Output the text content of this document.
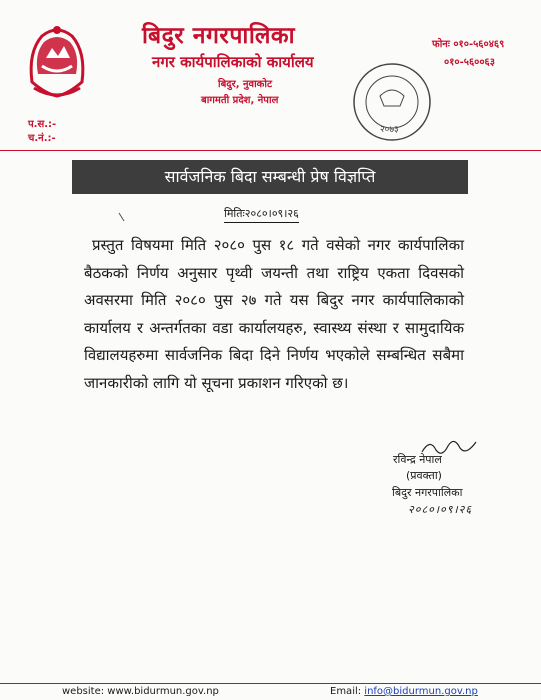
बिदुर नगरपालिका
नगर कार्यपालिकाको कार्यालय
बिदुर, नुवाकोट
बागमती प्रदेश, नेपाल
फोनः ०१०-५६०४६९
०१०-५६००६३
२०७३
प.स.:-
च.नं.:-
सार्वजनिक बिदा सम्बन्धी प्रेष विज्ञप्ति
मितिः२०८०।०९।२६
प्रस्तुत विषयमा मिति २०८० पुस १८ गते वसेको नगर कार्यपालिका बैठकको निर्णय अनुसार पृथ्वी जयन्ती तथा राष्ट्रिय एकता दिवसको अवसरमा मिति २०८० पुस २७ गते यस बिदुर नगर कार्यपालिकाको कार्यालय र अन्तर्गतका वडा कार्यालयहरु, स्वास्थ्य संस्था र सामुदायिक विद्यालयहरुमा सार्वजनिक बिदा दिने निर्णय भएकोले सम्बन्धित सबैमा जानकारीको लागि यो सूचना प्रकाशन गरिएको छ।
रविन्द्र नेपाल
(प्रवक्ता)
बिदुर नगरपालिका
२०८०।०९।२६
website: www.bidurmun.gov.np	Email: info@bidurmun.gov.np
